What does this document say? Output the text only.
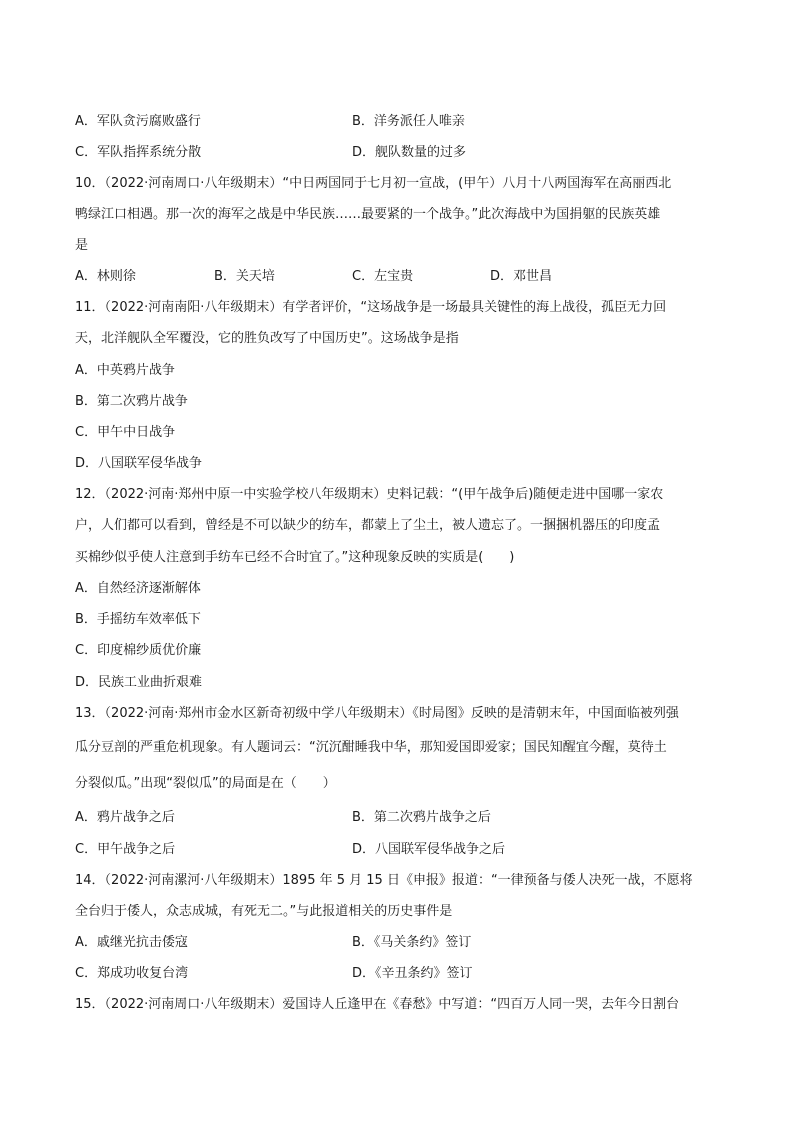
A．军队贪污腐败盛行	B．洋务派任人唯亲
C．军队指挥系统分散	D．舰队数量的过多
10．（2022·河南周口·八年级期末）“中日两国同于七月初一宣战，(甲午）八月十八两国海军在高丽西北
鸭绿江口相遇。那一次的海军之战是中华民族……最要紧的一个战争。”此次海战中为国捐躯的民族英雄
是
A．林则徐	B．关天培	C．左宝贵	D．邓世昌
11．（2022·河南南阳·八年级期末）有学者评价，“这场战争是一场最具关键性的海上战役，孤臣无力回
天，北洋舰队全军覆没，它的胜负改写了中国历史”。这场战争是指
A．中英鸦片战争
B．第二次鸦片战争
C．甲午中日战争
D．八国联军侵华战争
12．（2022·河南·郑州中原一中实验学校八年级期末）史料记载：“(甲午战争后)随便走进中国哪一家农
户，人们都可以看到，曾经是不可以缺少的纺车，都蒙上了尘土，被人遗忘了。一捆捆机器压的印度孟
买棉纱似乎使人注意到手纺车已经不合时宜了。”这种现象反映的实质是(　　)
A．自然经济逐渐解体
B．手摇纺车效率低下
C．印度棉纱质优价廉
D．民族工业曲折艰难
13．（2022·河南·郑州市金水区新奇初级中学八年级期末）《时局图》反映的是清朝末年，中国面临被列强
瓜分豆剖的严重危机现象。有人题词云：“沉沉酣睡我中华，那知爱国即爱家；国民知醒宜今醒，莫待土
分裂似瓜。”出现“裂似瓜”的局面是在（　　）
A．鸦片战争之后	B．第二次鸦片战争之后
C．甲午战争之后	D．八国联军侵华战争之后
14．（2022·河南漯河·八年级期末）1895 年 5 月 15 日《申报》报道：“一律预备与倭人决死一战，不愿将
全台归于倭人，众志成城，有死无二。”与此报道相关的历史事件是
A．戚继光抗击倭寇	B．《马关条约》签订
C．郑成功收复台湾	D．《辛丑条约》签订
15．（2022·河南周口·八年级期末）爱国诗人丘逢甲在《春愁》中写道：“四百万人同一哭，去年今日割台
